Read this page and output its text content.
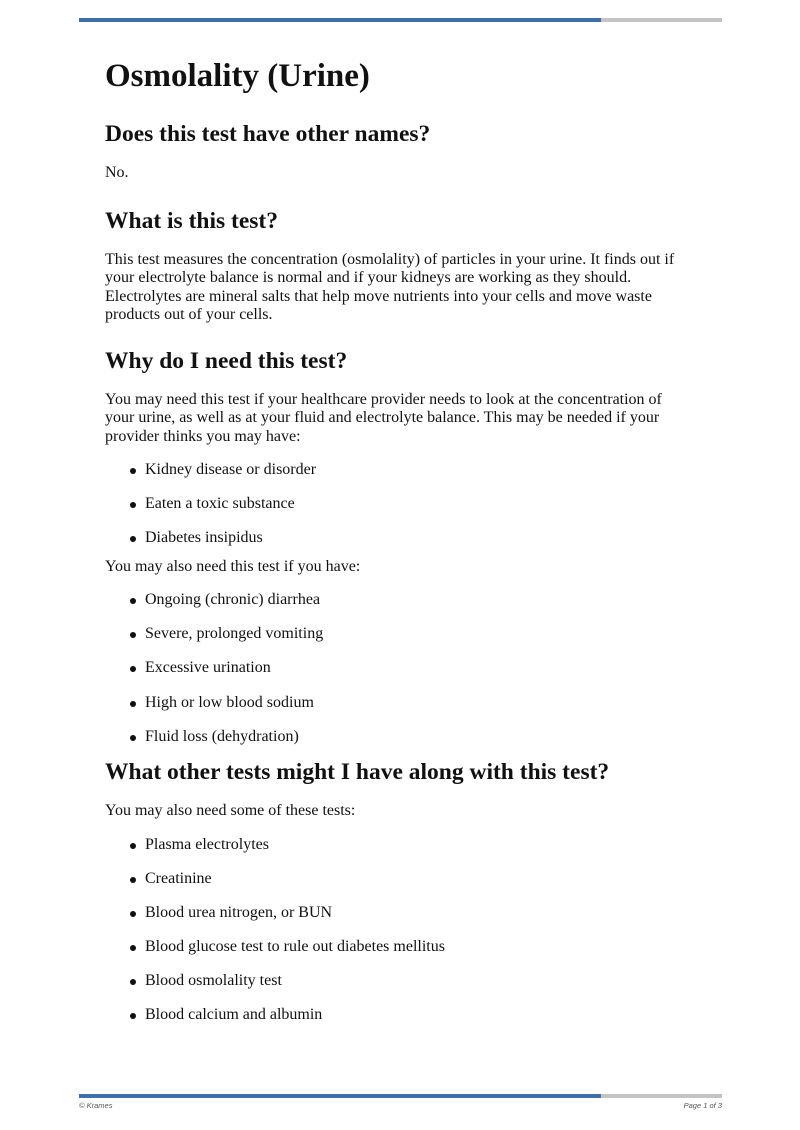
Osmolality (Urine)
Does this test have other names?

No.

What is this test?

This test measures the concentration (osmolality) of particles in your urine. It finds out if your electrolyte balance is normal and if your kidneys are working as they should. Electrolytes are mineral salts that help move nutrients into your cells and move waste products out of your cells.

Why do I need this test?

You may need this test if your healthcare provider needs to look at the concentration of your urine, as well as at your fluid and electrolyte balance. This may be needed if your provider thinks you may have:

Kidney disease or disorder
Eaten a toxic substance
Diabetes insipidus

You may also need this test if you have:

Ongoing (chronic) diarrhea
Severe, prolonged vomiting
Excessive urination
High or low blood sodium
Fluid loss (dehydration)
What other tests might I have along with this test?

You may also need some of these tests:

Plasma electrolytes
Creatinine
Blood urea nitrogen, or BUN
Blood glucose test to rule out diabetes mellitus
Blood osmolality test
Blood calcium and albumin
© Krames	Page 1 of 3
